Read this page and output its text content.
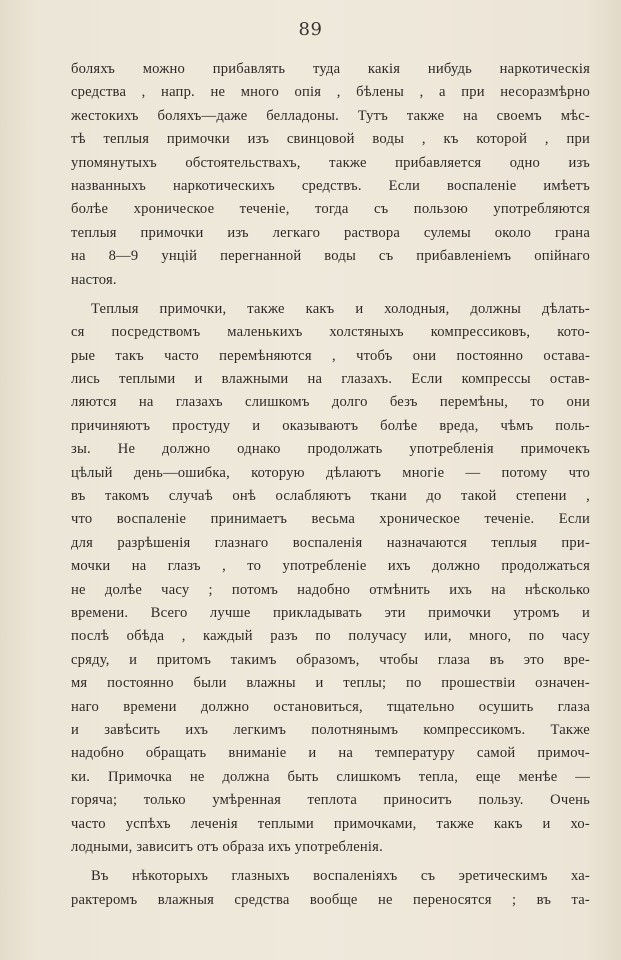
89
боляхъ можно прибавлять туда какія нибудь наркотическія
средства , напр. не много опія , бѣлены , а при несоразмѣрно
жестокихъ боляхъ—даже белладоны. Тутъ также на своемъ мѣс-
тѣ теплыя примочки изъ свинцовой воды , къ которой , при
упомянутыхъ обстоятельствахъ, также прибавляется одно изъ
названныхъ наркотическихъ средствъ. Если воспаленіе имѣетъ
болѣе хроническое теченіе, тогда съ пользою употребляются
теплыя примочки изъ легкаго раствора сулемы около грана
на 8—9 унцій перегнанной воды съ прибавленіемъ опійнаго
настоя.
Теплыя примочки, также какъ и холодныя, должны дѣлать-
ся посредствомъ маленькихъ холстяныхъ компрессиковъ, кото-
рые такъ часто перемѣняются , чтобъ они постоянно остава-
лись теплыми и влажными на глазахъ. Если компрессы остав-
ляются на глазахъ слишкомъ долго безъ перемѣны, то они
причиняютъ простуду и оказываютъ болѣе вреда, чѣмъ поль-
зы. Не должно однако продолжать употребленія примочекъ
цѣлый день—ошибка, которую дѣлаютъ многіе — потому что
въ такомъ случаѣ онѣ ослабляютъ ткани до такой степени ,
что воспаленіе принимаетъ весьма хроническое теченіе. Если
для разрѣшенія глазнаго воспаленія назначаются теплыя при-
мочки на глазъ , то употребленіе ихъ должно продолжаться
не долѣе часу ; потомъ надобно отмѣнить ихъ на нѣсколько
времени. Всего лучше прикладывать эти примочки утромъ и
послѣ обѣда , каждый разъ по получасу или, много, по часу
сряду, и притомъ такимъ образомъ, чтобы глаза въ это вре-
мя постоянно были влажны и теплы; по прошествіи означен-
наго времени должно остановиться, тщательно осушить глаза
и завѣсить ихъ легкимъ полотнянымъ компрессикомъ. Также
надобно обращать вниманіе и на температуру самой примоч-
ки. Примочка не должна быть слишкомъ тепла, еще менѣе —
горяча; только умѣренная теплота приноситъ пользу. Очень
часто успѣхъ леченія теплыми примочками, также какъ и хо-
лодными, зависитъ отъ образа ихъ употребленія.
Въ нѣкоторыхъ глазныхъ воспаленіяхъ съ эретическимъ ха-
рактеромъ влажныя средства вообще не переносятся ; въ та-
